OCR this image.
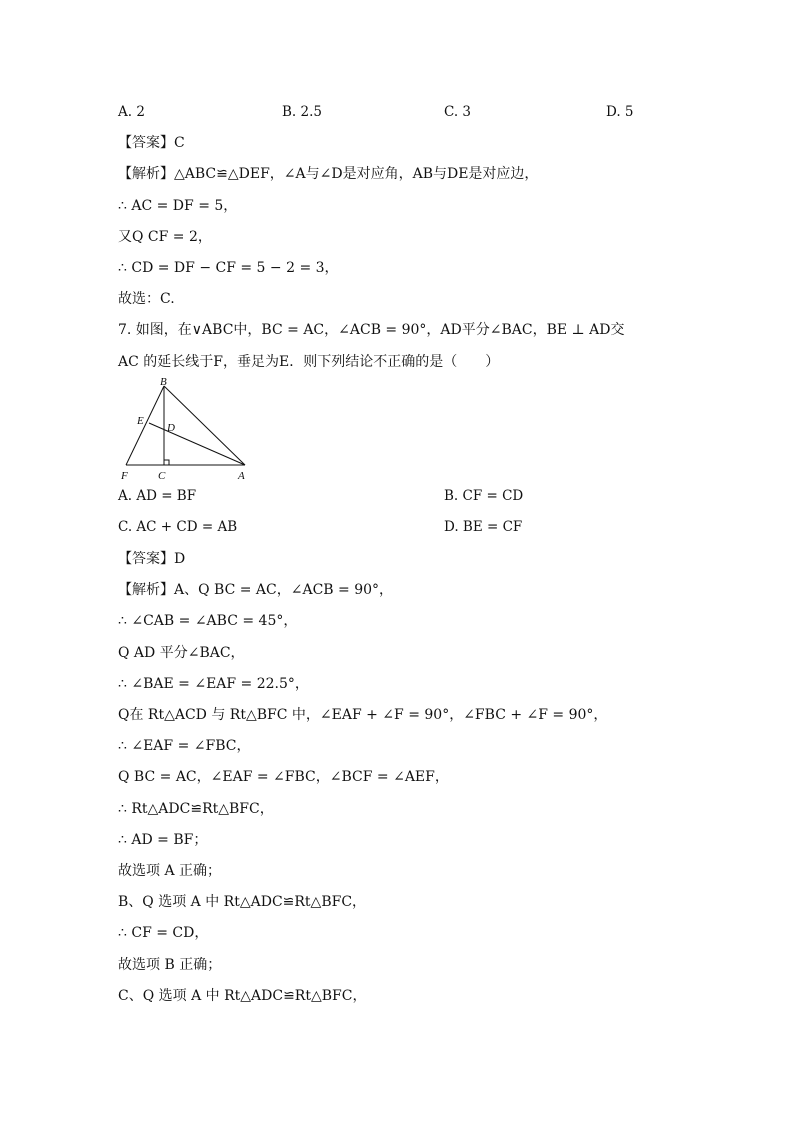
A. 2	B. 2.5	C. 3	D. 5
【答案】C
【解析】△ABC≌△DEF，∠A与∠D是对应角，AB与DE是对应边，
∴ AC = DF = 5，
又Q CF = 2，
∴ CD = DF − CF = 5 − 2 = 3，
故选：C.
7. 如图，在∨ABC中，BC = AC，∠ACB = 90°，AD平分∠BAC，BE ⊥ AD交
AC 的延长线于F，垂足为E．则下列结论不正确的是（　　）
B
E
D
F	C	A
A. AD = BF	B. CF = CD
C. AC + CD = AB	D. BE = CF
【答案】D
【解析】A、Q BC = AC，∠ACB = 90°，
∴ ∠CAB = ∠ABC = 45°，
Q AD 平分∠BAC，
∴ ∠BAE = ∠EAF = 22.5°，
Q在 Rt△ACD 与 Rt△BFC 中，∠EAF + ∠F = 90°，∠FBC + ∠F = 90°，
∴ ∠EAF = ∠FBC，
Q BC = AC，∠EAF = ∠FBC，∠BCF = ∠AEF，
∴ Rt△ADC≌Rt△BFC，
∴ AD = BF；
故选项 A 正确；
B、Q 选项 A 中 Rt△ADC≌Rt△BFC，
∴ CF = CD，
故选项 B 正确；
C、Q 选项 A 中 Rt△ADC≌Rt△BFC，
